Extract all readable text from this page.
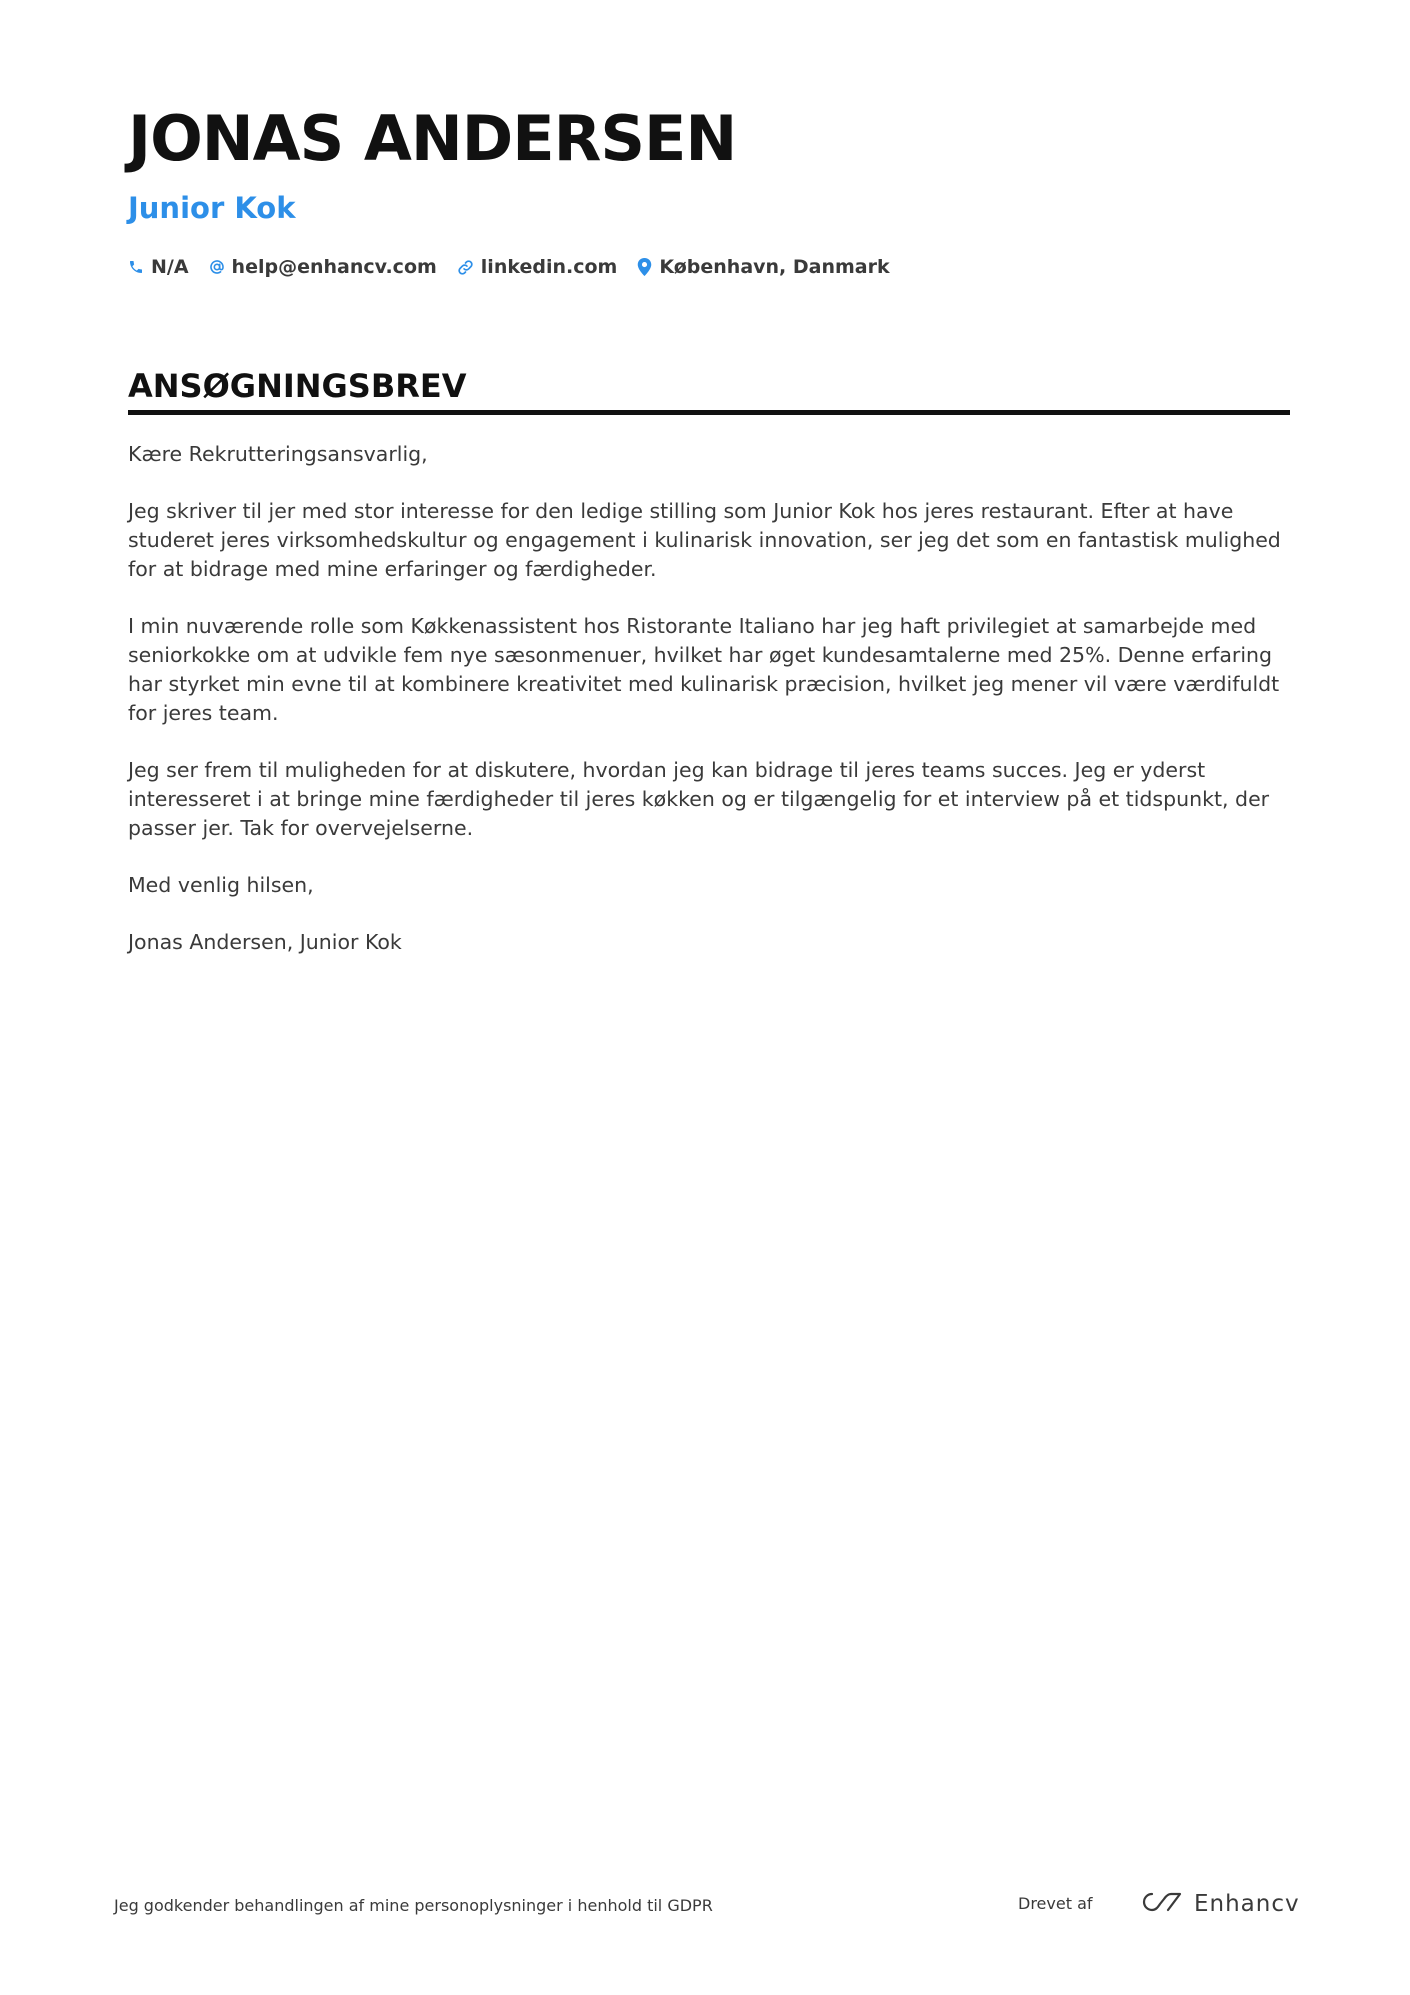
JONAS ANDERSEN
Junior Kok
N/A help@enhancv.com linkedin.com København, Danmark
ANSØGNINGSBREV

Kære Rekrutteringsansvarlig,

Jeg skriver til jer med stor interesse for den ledige stilling som Junior Kok hos jeres restaurant. Efter at have studeret jeres virksomhedskultur og engagement i kulinarisk innovation, ser jeg det som en fantastisk mulighed for at bidrage med mine erfaringer og færdigheder.

I min nuværende rolle som Køkkenassistent hos Ristorante Italiano har jeg haft privilegiet at samarbejde med seniorkokke om at udvikle fem nye sæsonmenuer, hvilket har øget kundesamtalerne med 25%. Denne erfaring har styrket min evne til at kombinere kreativitet med kulinarisk præcision, hvilket jeg mener vil være værdifuldt for jeres team.

Jeg ser frem til muligheden for at diskutere, hvordan jeg kan bidrage til jeres teams succes. Jeg er yderst interesseret i at bringe mine færdigheder til jeres køkken og er tilgængelig for et interview på et tidspunkt, der passer jer. Tak for overvejelserne.

Med venlig hilsen,

Jonas Andersen, Junior Kok

Jeg godkender behandlingen af mine personoplysninger i henhold til GDPR	Drevet af	Enhancv
